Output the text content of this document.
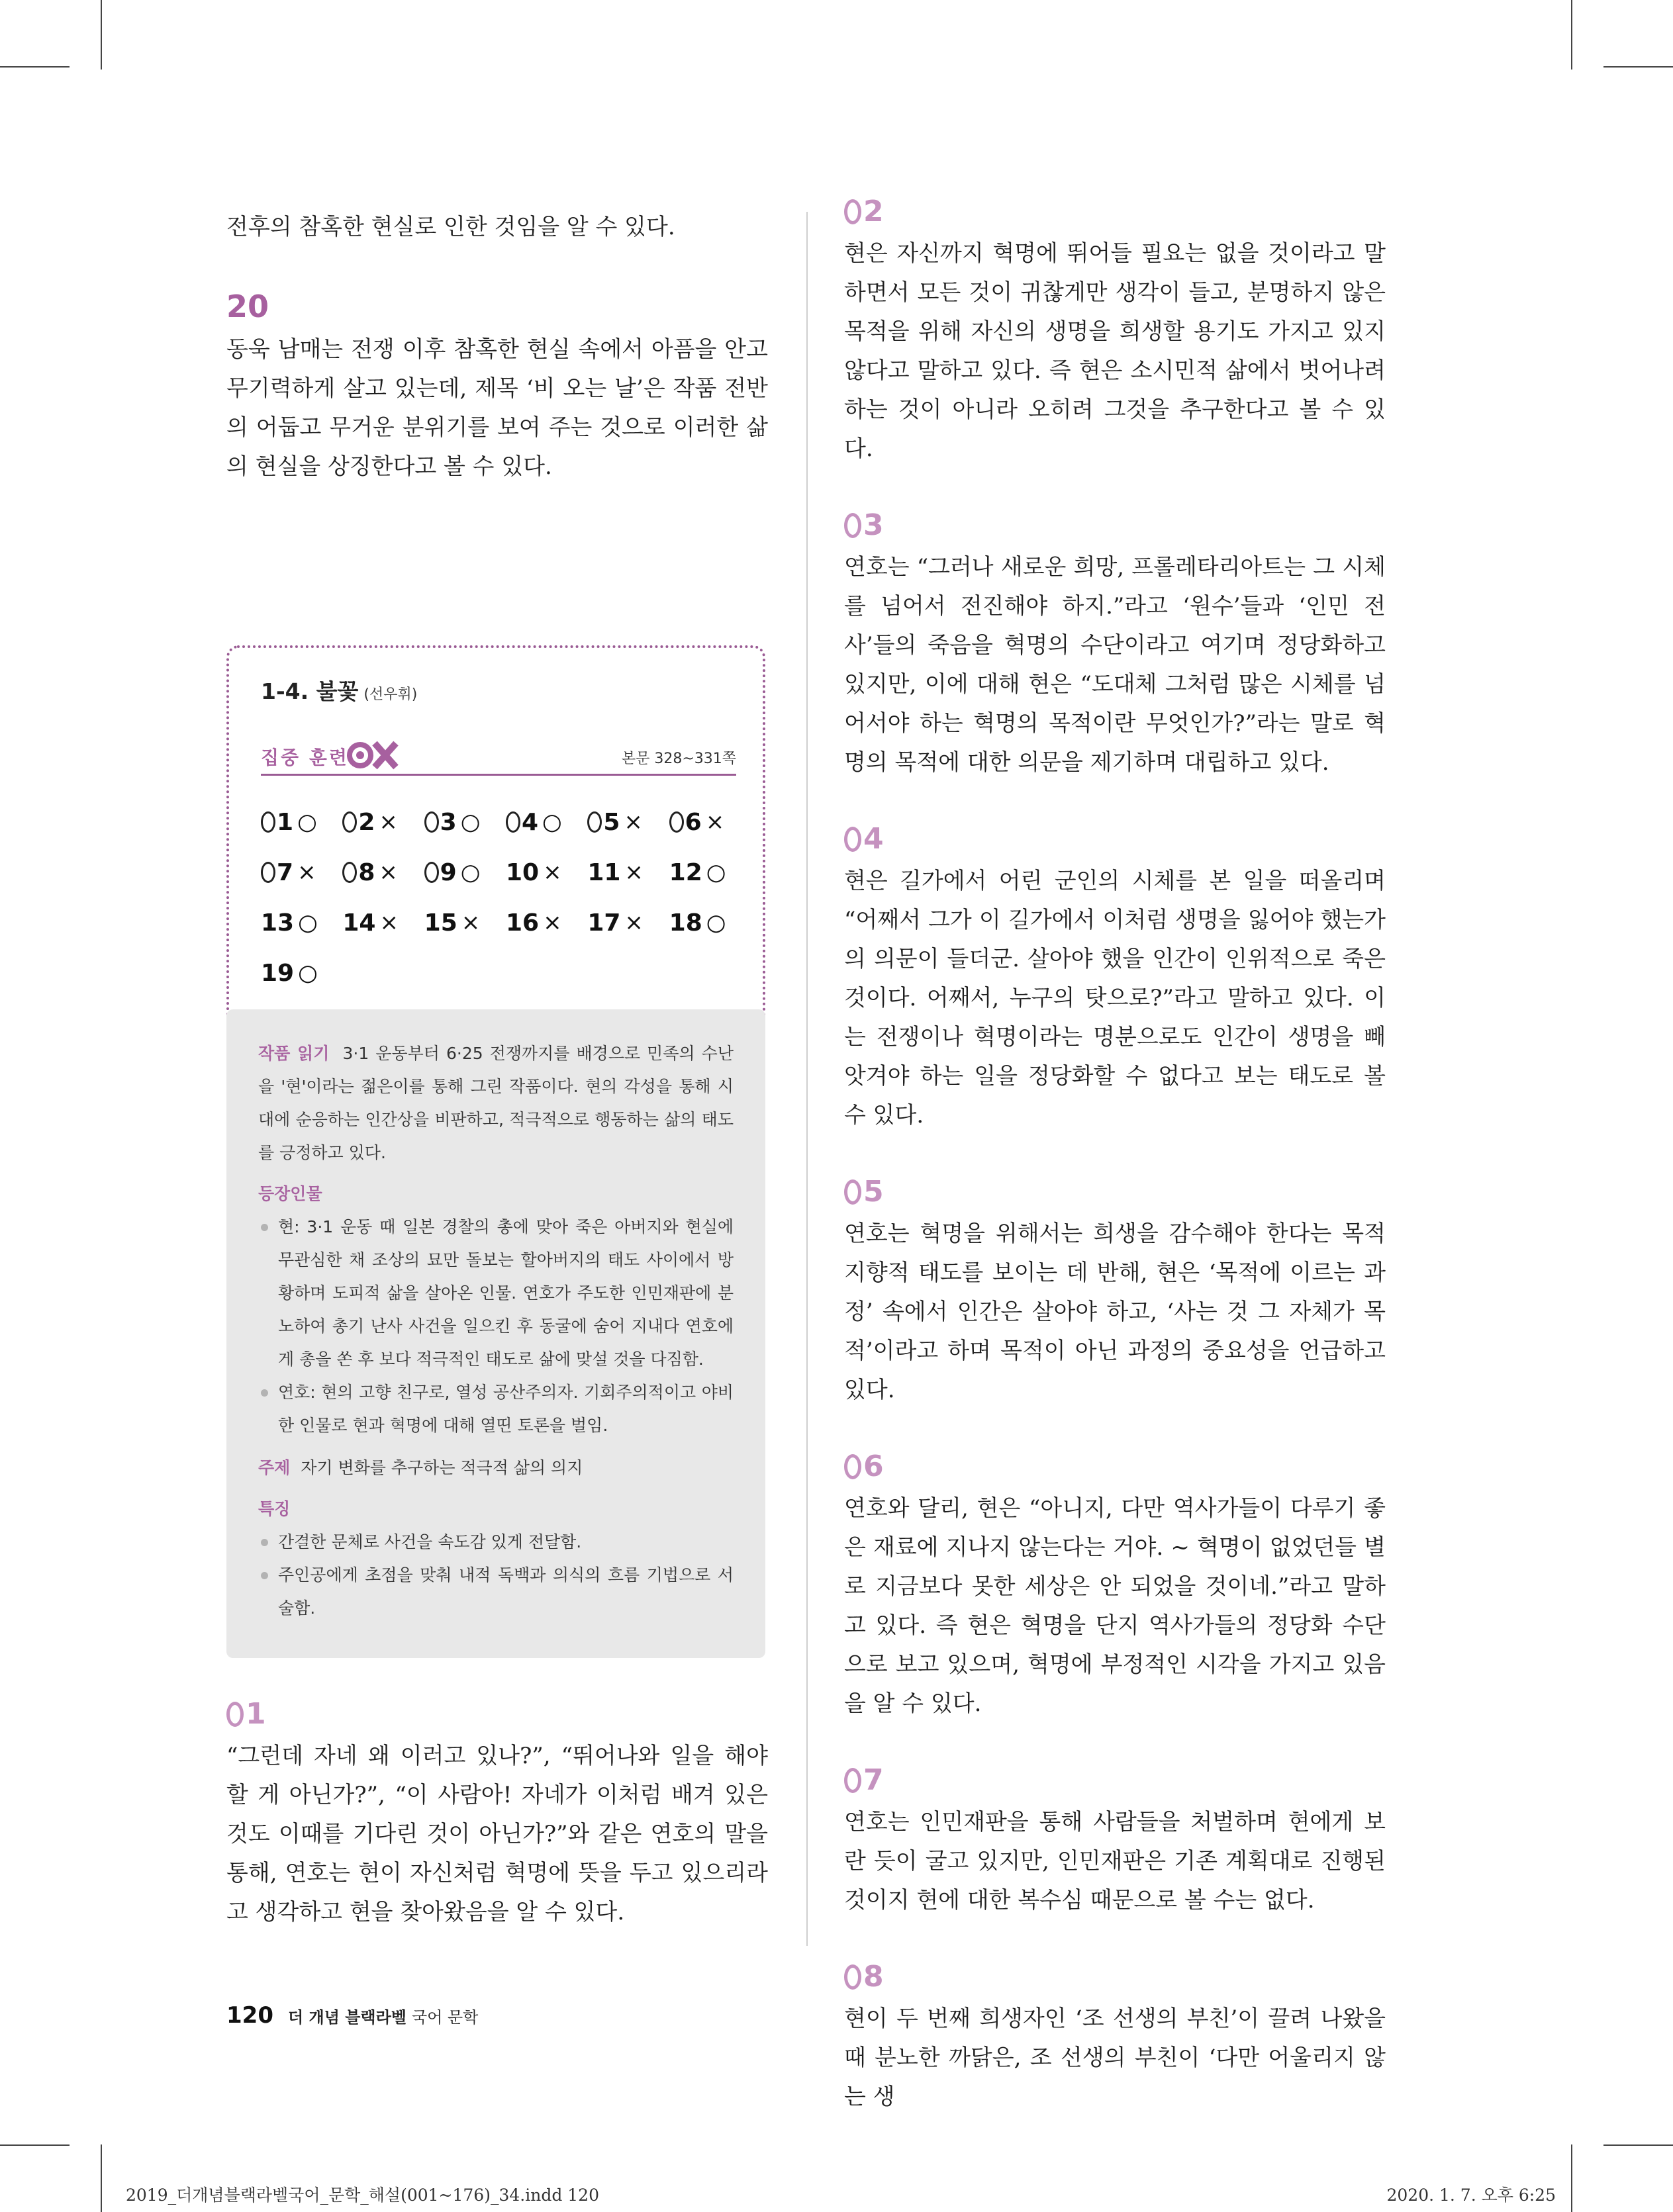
전후의 참혹한 현실로 인한 것임을 알 수 있다.

20

동욱 남매는 전쟁 이후 참혹한 현실 속에서 아픔을 안고 무기력하게 살고 있는데, 제목 ‘비 오는 날’은 작품 전반의 어둡고 무거운 분위기를 보여 주는 것으로 이러한 삶의 현실을 상징한다고 볼 수 있다.

1-4. 불꽃 (선우휘)
집중 훈련	본문 328~331쪽
1 ○ 2 × 3 ○ 4 ○ 5 × 6 ×
7 × 8 × 9 ○ 10 × 11 × 12 ○
13 ○ 14 × 15 × 16 × 17 × 18 ○
19 ○

작품 읽기 3·1 운동부터 6·25 전쟁까지를 배경으로 민족의 수난을 '현'이라는 젊은이를 통해 그린 작품이다. 현의 각성을 통해 시대에 순응하는 인간상을 비판하고, 적극적으로 행동하는 삶의 태도를 긍정하고 있다.

등장인물

현: 3·1 운동 때 일본 경찰의 총에 맞아 죽은 아버지와 현실에 무관심한 채 조상의 묘만 돌보는 할아버지의 태도 사이에서 방황하며 도피적 삶을 살아온 인물. 연호가 주도한 인민재판에 분노하여 총기 난사 사건을 일으킨 후 동굴에 숨어 지내다 연호에게 총을 쏜 후 보다 적극적인 태도로 삶에 맞설 것을 다짐함.

연호: 현의 고향 친구로, 열성 공산주의자. 기회주의적이고 야비한 인물로 현과 혁명에 대해 열띤 토론을 벌임.

주제 자기 변화를 추구하는 적극적 삶의 의지

특징

간결한 문체로 사건을 속도감 있게 전달함.

주인공에게 초점을 맞춰 내적 독백과 의식의 흐름 기법으로 서술함.

1

“그런데 자네 왜 이러고 있나?”, “뛰어나와 일을 해야 할 게 아닌가?”, “이 사람아! 자네가 이처럼 배겨 있은 것도 이때를 기다린 것이 아닌가?”와 같은 연호의 말을 통해, 연호는 현이 자신처럼 혁명에 뜻을 두고 있으리라고 생각하고 현을 찾아왔음을 알 수 있다.

2

현은 자신까지 혁명에 뛰어들 필요는 없을 것이라고 말하면서 모든 것이 귀찮게만 생각이 들고, 분명하지 않은 목적을 위해 자신의 생명을 희생할 용기도 가지고 있지 않다고 말하고 있다. 즉 현은 소시민적 삶에서 벗어나려 하는 것이 아니라 오히려 그것을 추구한다고 볼 수 있다.

3

연호는 “그러나 새로운 희망, 프롤레타리아트는 그 시체를 넘어서 전진해야 하지.”라고 ‘원수’들과 ‘인민 전사’들의 죽음을 혁명의 수단이라고 여기며 정당화하고 있지만, 이에 대해 현은 “도대체 그처럼 많은 시체를 넘어서야 하는 혁명의 목적이란 무엇인가?”라는 말로 혁명의 목적에 대한 의문을 제기하며 대립하고 있다.

4

현은 길가에서 어린 군인의 시체를 본 일을 떠올리며 “어째서 그가 이 길가에서 이처럼 생명을 잃어야 했는가의 의문이 들더군. 살아야 했을 인간이 인위적으로 죽은 것이다. 어째서, 누구의 탓으로?”라고 말하고 있다. 이는 전쟁이나 혁명이라는 명분으로도 인간이 생명을 빼앗겨야 하는 일을 정당화할 수 없다고 보는 태도로 볼 수 있다.

5

연호는 혁명을 위해서는 희생을 감수해야 한다는 목적 지향적 태도를 보이는 데 반해, 현은 ‘목적에 이르는 과정’ 속에서 인간은 살아야 하고, ‘사는 것 그 자체가 목적’이라고 하며 목적이 아닌 과정의 중요성을 언급하고 있다.

6

연호와 달리, 현은 “아니지, 다만 역사가들이 다루기 좋은 재료에 지나지 않는다는 거야. ~ 혁명이 없었던들 별로 지금보다 못한 세상은 안 되었을 것이네.”라고 말하고 있다. 즉 현은 혁명을 단지 역사가들의 정당화 수단으로 보고 있으며, 혁명에 부정적인 시각을 가지고 있음을 알 수 있다.

7

연호는 인민재판을 통해 사람들을 처벌하며 현에게 보란 듯이 굴고 있지만, 인민재판은 기존 계획대로 진행된 것이지 현에 대한 복수심 때문으로 볼 수는 없다.

8

현이 두 번째 희생자인 ‘조 선생의 부친’이 끌려 나왔을 때 분노한 까닭은, 조 선생의 부친이 ‘다만 어울리지 않는 생

120 더 개념 블랙라벨 국어 문학
2019_더개념블랙라벨국어_문학_해설(001~176)_34.indd 120	2020. 1. 7. 오후 6:25
